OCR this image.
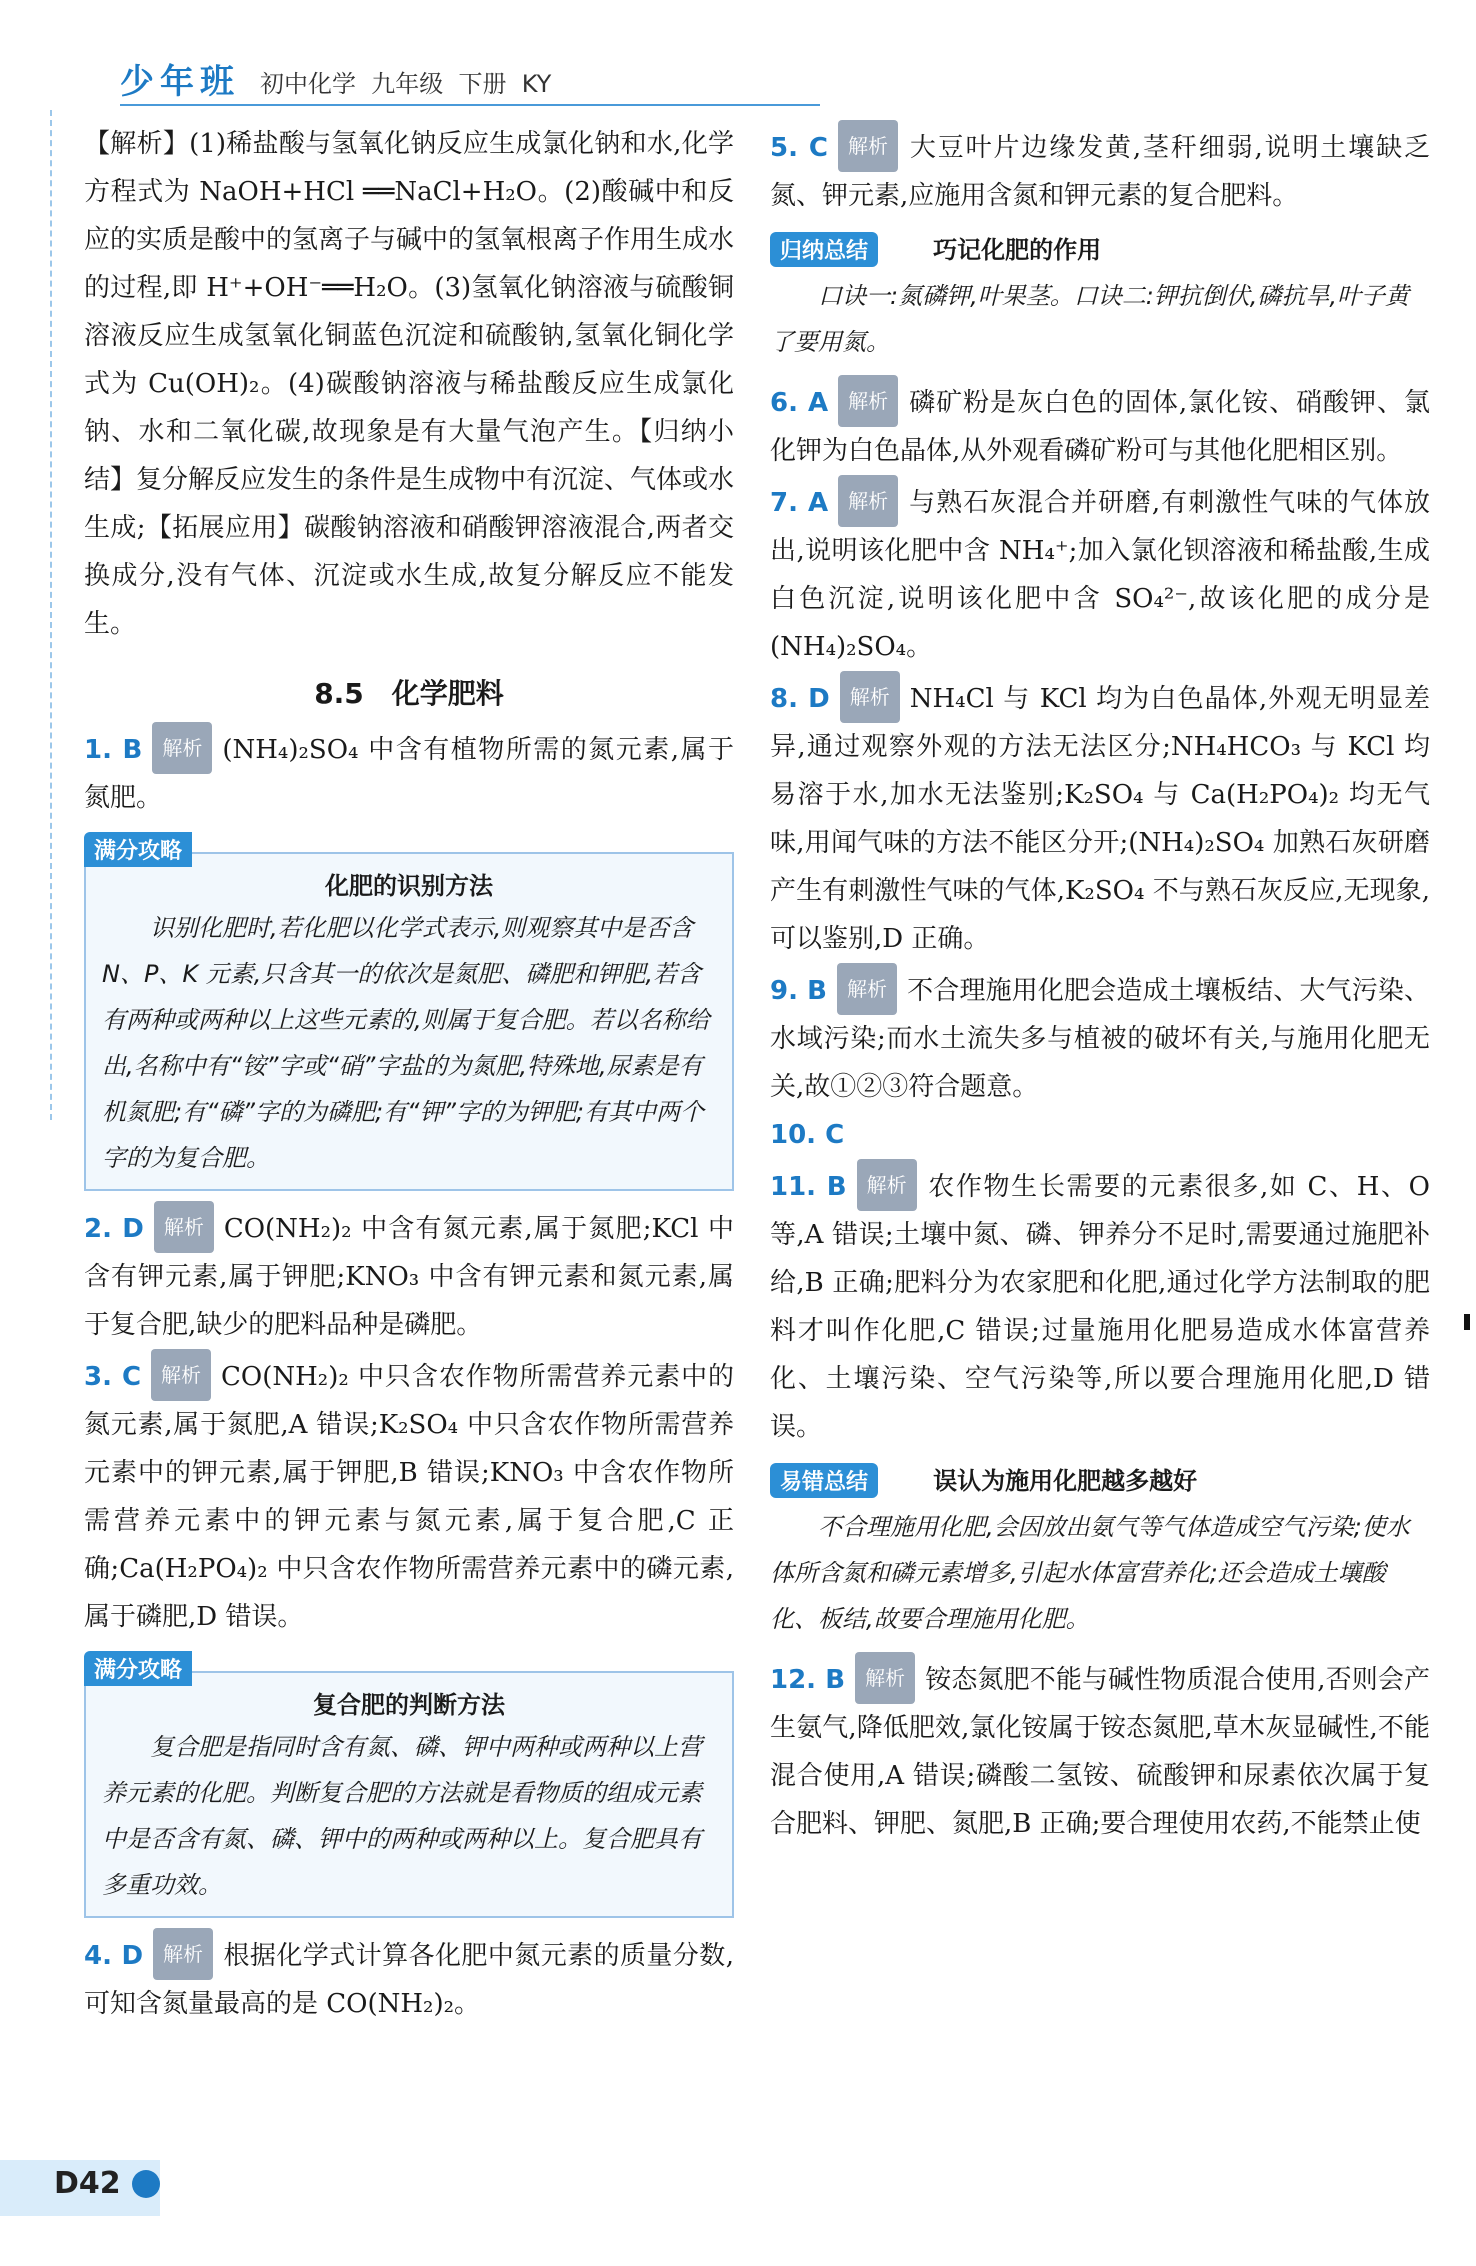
少年班 初中化学  九年级  下册  KY

【解析】(1)稀盐酸与氢氧化钠反应生成氯化钠和水,化学方程式为 NaOH+HCl ══NaCl+H₂O。(2)酸碱中和反应的实质是酸中的氢离子与碱中的氢氧根离子作用生成水的过程,即 H⁺+OH⁻══H₂O。(3)氢氧化钠溶液与硫酸铜溶液反应生成氢氧化铜蓝色沉淀和硫酸钠,氢氧化铜化学式为 Cu(OH)₂。(4)碳酸钠溶液与稀盐酸反应生成氯化钠、水和二氧化碳,故现象是有大量气泡产生。【归纳小结】复分解反应发生的条件是生成物中有沉淀、气体或水生成;【拓展应用】碳酸钠溶液和硝酸钾溶液混合,两者交换成分,没有气体、沉淀或水生成,故复分解反应不能发生。

8.5　化学肥料

1. B 解析 (NH₄)₂SO₄ 中含有植物所需的氮元素,属于氮肥。

满分攻略
化肥的识别方法

识别化肥时,若化肥以化学式表示,则观察其中是否含 N、P、K 元素,只含其一的依次是氮肥、磷肥和钾肥,若含有两种或两种以上这些元素的,则属于复合肥。若以名称给出,名称中有“铵”字或“硝”字盐的为氮肥,特殊地,尿素是有机氮肥;有“磷”字的为磷肥;有“钾”字的为钾肥;有其中两个字的为复合肥。

2. D 解析 CO(NH₂)₂ 中含有氮元素,属于氮肥;KCl 中含有钾元素,属于钾肥;KNO₃ 中含有钾元素和氮元素,属于复合肥,缺少的肥料品种是磷肥。

3. C 解析 CO(NH₂)₂ 中只含农作物所需营养元素中的氮元素,属于氮肥,A 错误;K₂SO₄ 中只含农作物所需营养元素中的钾元素,属于钾肥,B 错误;KNO₃ 中含农作物所需营养元素中的钾元素与氮元素,属于复合肥,C 正确;Ca(H₂PO₄)₂ 中只含农作物所需营养元素中的磷元素,属于磷肥,D 错误。

满分攻略
复合肥的判断方法

复合肥是指同时含有氮、磷、钾中两种或两种以上营养元素的化肥。判断复合肥的方法就是看物质的组成元素中是否含有氮、磷、钾中的两种或两种以上。复合肥具有多重功效。

4. D 解析 根据化学式计算各化肥中氮元素的质量分数,可知含氮量最高的是 CO(NH₂)₂。

5. C 解析 大豆叶片边缘发黄,茎秆细弱,说明土壤缺乏氮、钾元素,应施用含氮和钾元素的复合肥料。

归纳总结	巧记化肥的作用

口诀一:氮磷钾,叶果茎。口诀二:钾抗倒伏,磷抗旱,叶子黄了要用氮。

6. A 解析 磷矿粉是灰白色的固体,氯化铵、硝酸钾、氯化钾为白色晶体,从外观看磷矿粉可与其他化肥相区别。

7. A 解析 与熟石灰混合并研磨,有刺激性气味的气体放出,说明该化肥中含 NH₄⁺;加入氯化钡溶液和稀盐酸,生成白色沉淀,说明该化肥中含 SO₄²⁻,故该化肥的成分是(NH₄)₂SO₄。

8. D 解析 NH₄Cl 与 KCl 均为白色晶体,外观无明显差异,通过观察外观的方法无法区分;NH₄HCO₃ 与 KCl 均易溶于水,加水无法鉴别;K₂SO₄ 与 Ca(H₂PO₄)₂ 均无气味,用闻气味的方法不能区分开;(NH₄)₂SO₄ 加熟石灰研磨产生有刺激性气味的气体,K₂SO₄ 不与熟石灰反应,无现象,可以鉴别,D 正确。

9. B 解析 不合理施用化肥会造成土壤板结、大气污染、水域污染;而水土流失多与植被的破坏有关,与施用化肥无关,故①②③符合题意。

10. C

11. B 解析 农作物生长需要的元素很多,如 C、H、O 等,A 错误;土壤中氮、磷、钾养分不足时,需要通过施肥补给,B 正确;肥料分为农家肥和化肥,通过化学方法制取的肥料才叫作化肥,C 错误;过量施用化肥易造成水体富营养化、土壤污染、空气污染等,所以要合理施用化肥,D 错误。

易错总结	误认为施用化肥越多越好

不合理施用化肥,会因放出氨气等气体造成空气污染;使水体所含氮和磷元素增多,引起水体富营养化;还会造成土壤酸化、板结,故要合理施用化肥。

12. B 解析 铵态氮肥不能与碱性物质混合使用,否则会产生氨气,降低肥效,氯化铵属于铵态氮肥,草木灰显碱性,不能混合使用,A 错误;磷酸二氢铵、硫酸钾和尿素依次属于复合肥料、钾肥、氮肥,B 正确;要合理使用农药,不能禁止使

D42
